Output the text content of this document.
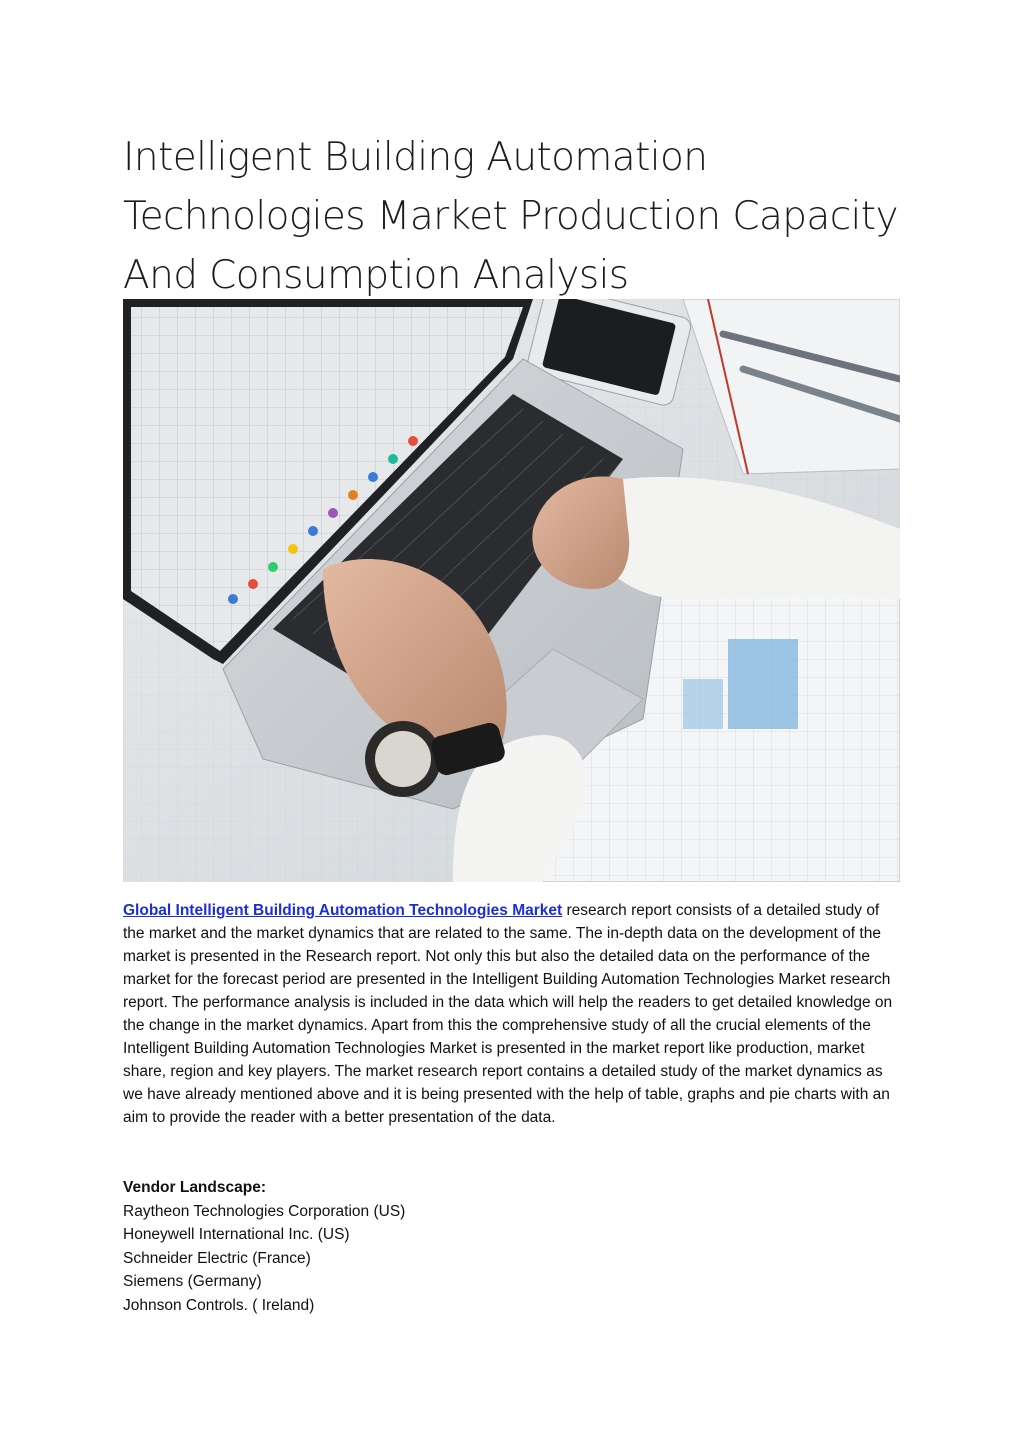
Intelligent Building Automation
Technologies Market Production Capacity
And Consumption Analysis

Global Intelligent Building Automation Technologies Market research report consists of a detailed study of the market and the market dynamics that are related to the same. The in-depth data on the development of the market is presented in the Research report. Not only this but also the detailed data on the performance of the market for the forecast period are presented in the Intelligent Building Automation Technologies Market research report. The performance analysis is included in the data which will help the readers to get detailed knowledge on the change in the market dynamics. Apart from this the comprehensive study of all the crucial elements of the Intelligent Building Automation Technologies Market is presented in the market report like production, market share, region and key players. The market research report contains a detailed study of the market dynamics as we have already mentioned above and it is being presented with the help of table, graphs and pie charts with an aim to provide the reader with a better presentation of the data.

Vendor Landscape:
Raytheon Technologies Corporation (US)
Honeywell International Inc. (US)
Schneider Electric (France)
Siemens (Germany)
Johnson Controls. ( Ireland)
